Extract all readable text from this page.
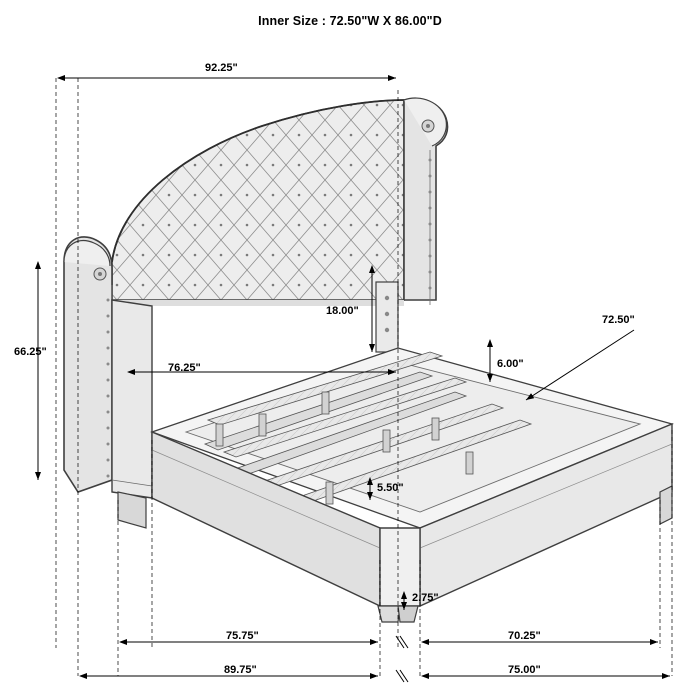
Inner Size : 72.50"W X 86.00"D
92.25"
66.25"
76.25"
18.00"
6.00"
5.50"
2.75"
72.50"
75.75"	70.25"
89.75"	75.00"
